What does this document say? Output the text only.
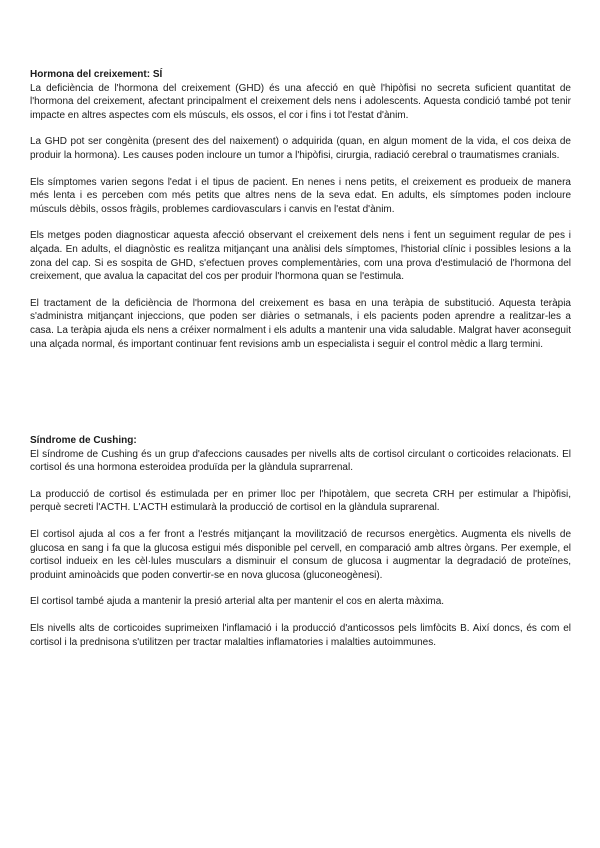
Hormona del creixement: SÍ

La deficiència de l'hormona del creixement (GHD) és una afecció en què l'hipòfisi no secreta suficient quantitat de l'hormona del creixement, afectant principalment el creixement dels nens i adolescents. Aquesta condició també pot tenir impacte en altres aspectes com els músculs, els ossos, el cor i fins i tot l'estat d'ànim.

La GHD pot ser congènita (present des del naixement) o adquirida (quan, en algun moment de la vida, el cos deixa de produir la hormona). Les causes poden incloure un tumor a l'hipòfisi, cirurgia, radiació cerebral o traumatismes cranials.

Els símptomes varien segons l'edat i el tipus de pacient. En nenes i nens petits, el creixement es produeix de manera més lenta i es perceben com més petits que altres nens de la seva edat. En adults, els símptomes poden incloure músculs dèbils, ossos fràgils, problemes cardiovasculars i canvis en l'estat d'ànim.

Els metges poden diagnosticar aquesta afecció observant el creixement dels nens i fent un seguiment regular de pes i alçada. En adults, el diagnòstic es realitza mitjançant una anàlisi dels símptomes, l'historial clínic i possibles lesions a la zona del cap. Si es sospita de GHD, s'efectuen proves complementàries, com una prova d'estimulació de l'hormona del creixement, que avalua la capacitat del cos per produir l'hormona quan se l'estimula.

El tractament de la deficiència de l'hormona del creixement es basa en una teràpia de substitució. Aquesta teràpia s'administra mitjançant injeccions, que poden ser diàries o setmanals, i els pacients poden aprendre a realitzar-les a casa. La teràpia ajuda els nens a créixer normalment i els adults a mantenir una vida saludable. Malgrat haver aconseguit una alçada normal, és important continuar fent revisions amb un especialista i seguir el control mèdic a llarg termini.

Síndrome de Cushing:

El síndrome de Cushing és un grup d'afeccions causades per nivells alts de cortisol circulant o corticoides relacionats. El cortisol és una hormona esteroidea produïda per la glàndula suprarrenal.

La producció de cortisol és estimulada per en primer lloc per l'hipotàlem, que secreta CRH per estimular a l'hipòfisi, perquè secreti l'ACTH. L'ACTH estimularà la producció de cortisol en la glàndula suprarenal.

El cortisol ajuda al cos a fer front a l'estrés mitjançant la movilització de recursos energètics. Augmenta els nivells de glucosa en sang i fa que la glucosa estigui més disponible pel cervell, en comparació amb altres òrgans. Per exemple, el cortisol indueix en les cèl·lules musculars a disminuir el consum de glucosa i augmentar la degradació de proteïnes, produint aminoàcids que poden convertir-se en nova glucosa (gluconeogènesi).

El cortisol també ajuda a mantenir la presió arterial alta per mantenir el cos en alerta màxima.

Els nivells alts de corticoides suprimeixen l'inflamació i la producció d'anticossos pels limfòcits B. Així doncs, és com el cortisol i la prednisona s'utilitzen per tractar malalties inflamatories i malalties autoimmunes.
